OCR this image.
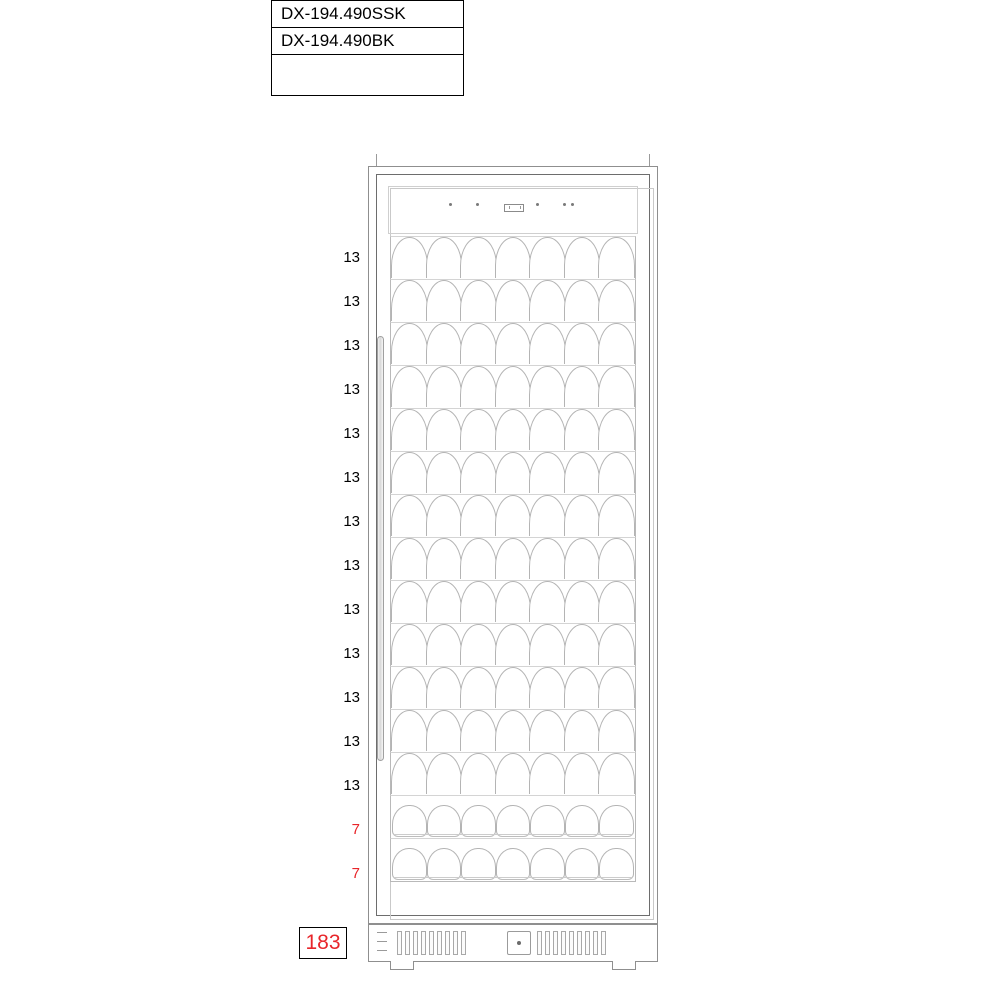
DX-194.490SSK
DX-194.490BK

13
13
13
13
13
13
13
13
13
13
13
13
13
7
7
183
